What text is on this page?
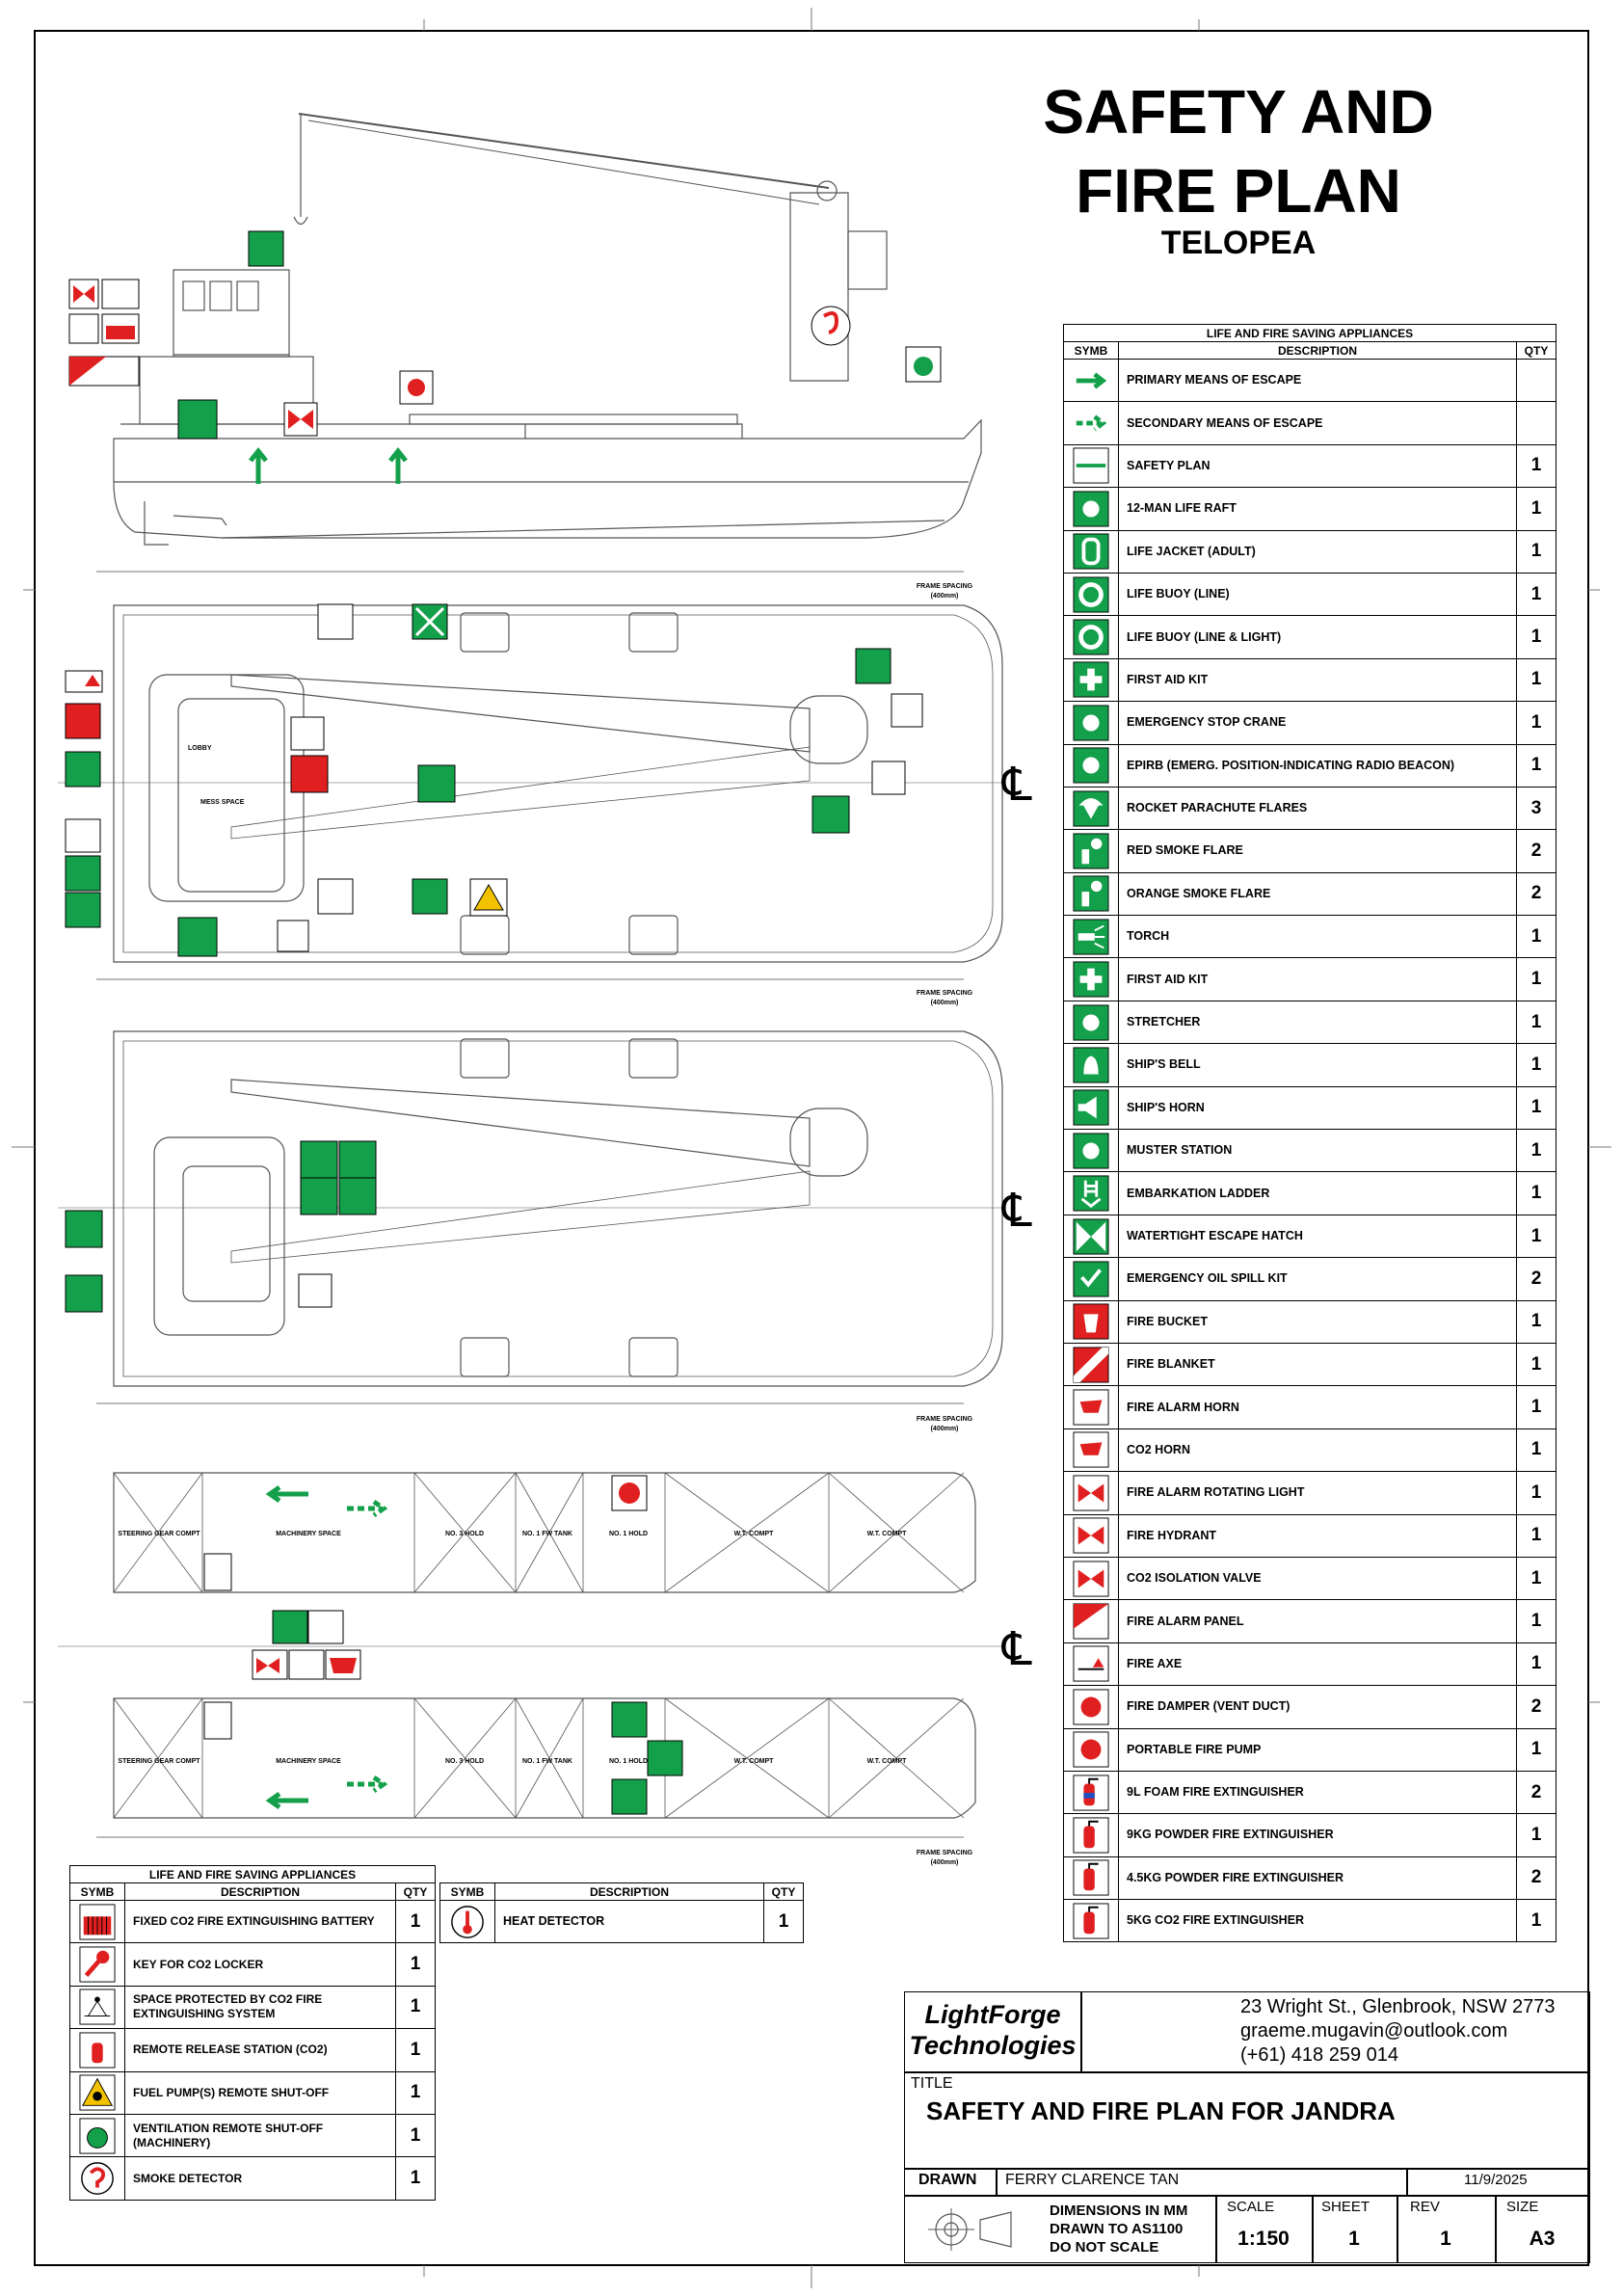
LOBBY
MESS SPACE
STEERING GEAR COMPT	MACHINERY SPACE	NO. 3 HOLD	NO. 1 FW TANK	NO. 1 HOLD	W.T. COMPT	W.T. COMPT
STEERING GEAR COMPT	MACHINERY SPACE	NO. 3 HOLD	NO. 1 FW TANK	NO. 1 HOLD	W.T. COMPT	W.T. COMPT
FRAME SPACING
(400mm)
FRAME SPACING
(400mm)
FRAME SPACING
(400mm)
FRAME SPACING
(400mm)
℄
℄
℄
SAFETY AND
FIRE PLAN
TELOPEA
LIFE AND FIRE SAVING APPLIANCES		
SYMB	DESCRIPTION	QTY

	PRIMARY MEANS OF ESCAPE	

	SECONDARY MEANS OF ESCAPE	

	SAFETY PLAN	1

	12-MAN LIFE RAFT	1

	LIFE JACKET (ADULT)	1

	LIFE BUOY (LINE)	1

	LIFE BUOY (LINE & LIGHT)	1

	FIRST AID KIT	1

	EMERGENCY STOP CRANE	1

	EPIRB (EMERG. POSITION-INDICATING RADIO BEACON)	1

	ROCKET PARACHUTE FLARES	3

	RED SMOKE FLARE	2

	ORANGE SMOKE FLARE	2

	TORCH	1

	FIRST AID KIT	1

	STRETCHER	1

	SHIP'S BELL	1

	SHIP'S HORN	1

	MUSTER STATION	1

	EMBARKATION LADDER	1

	WATERTIGHT ESCAPE HATCH	1

	EMERGENCY OIL SPILL KIT	2

	FIRE BUCKET	1

	FIRE BLANKET	1

	FIRE ALARM HORN	1

	CO2 HORN	1

	FIRE ALARM ROTATING LIGHT	1

	FIRE HYDRANT	1

	CO2 ISOLATION VALVE	1

	FIRE ALARM PANEL	1

	FIRE AXE	1

	FIRE DAMPER (VENT DUCT)	2

	PORTABLE FIRE PUMP	1

	9L FOAM FIRE EXTINGUISHER	2

	9KG POWDER FIRE EXTINGUISHER	1

	4.5KG POWDER FIRE EXTINGUISHER	2

	5KG CO2 FIRE EXTINGUISHER	1
LIFE AND FIRE SAVING APPLIANCES		
SYMB	DESCRIPTION	QTY

	FIXED CO2 FIRE EXTINGUISHING BATTERY	1

	KEY FOR CO2 LOCKER	1

	SPACE PROTECTED BY CO2 FIRE EXTINGUISHING SYSTEM	1

	REMOTE RELEASE STATION (CO2)	1

	FUEL PUMP(S) REMOTE SHUT-OFF	1

	VENTILATION REMOTE SHUT-OFF (MACHINERY)	1

	SMOKE DETECTOR	1
SYMB	DESCRIPTION	QTY

	HEAT DETECTOR	1
LightForge
Technologies
23 Wright St., Glenbrook, NSW 2773
graeme.mugavin@outlook.com
(+61) 418 259 014
TITLE
SAFETY AND FIRE PLAN FOR JANDRA
DRAWN FERRY CLARENCE TAN	11/9/2025
DIMENSIONS IN MM
DRAWN TO AS1100
DO NOT SCALE
SCALE
1:150
SHEET
1
REV
1
SIZE
A3
